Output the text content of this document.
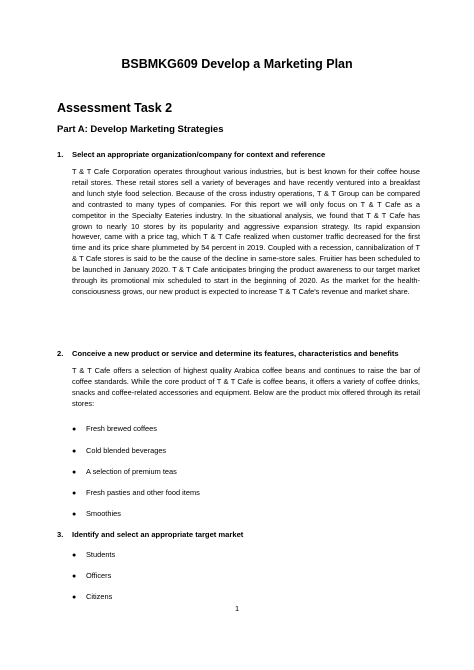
BSBMKG609 Develop a Marketing Plan
Assessment Task 2
Part A: Develop Marketing Strategies
1. Select an appropriate organization/company for context and reference

T & T Cafe Corporation operates throughout various industries, but is best known for their coffee house retail stores. These retail stores sell a variety of beverages and have recently ventured into a breakfast and lunch style food selection. Because of the cross industry operations, T & T Group can be compared and contrasted to many types of companies. For this report we will only focus on T & T Cafe as a competitor in the Specialty Eateries industry. In the situational analysis, we found that T & T Cafe has grown to nearly 10 stores by its popularity and aggressive expansion strategy. Its rapid expansion however, came with a price tag, which T & T Cafe realized when customer traffic decreased for the first time and its price share plummeted by 54 percent in 2019. Coupled with a recession, cannibalization of T & T Cafe stores is said to be the cause of the decline in same-store sales. Fruitier has been scheduled to be launched in January 2020. T & T Cafe anticipates bringing the product awareness to our target market through its promotional mix scheduled to start in the beginning of 2020. As the market for the health-consciousness grows, our new product is expected to increase T & T Cafe's revenue and market share.

2. Conceive a new product or service and determine its features, characteristics and benefits

T & T Cafe offers a selection of highest quality Arabica coffee beans and continues to raise the bar of coffee standards. While the core product of T & T Cafe is coffee beans, it offers a variety of coffee drinks, snacks and coffee-related accessories and equipment. Below are the product mix offered through its retail stores:

● Fresh brewed coffees
● Cold blended beverages
● A selection of premium teas
● Fresh pasties and other food items
● Smoothies
3. Identify and select an appropriate target market
● Students
● Officers
● Citizens
1
